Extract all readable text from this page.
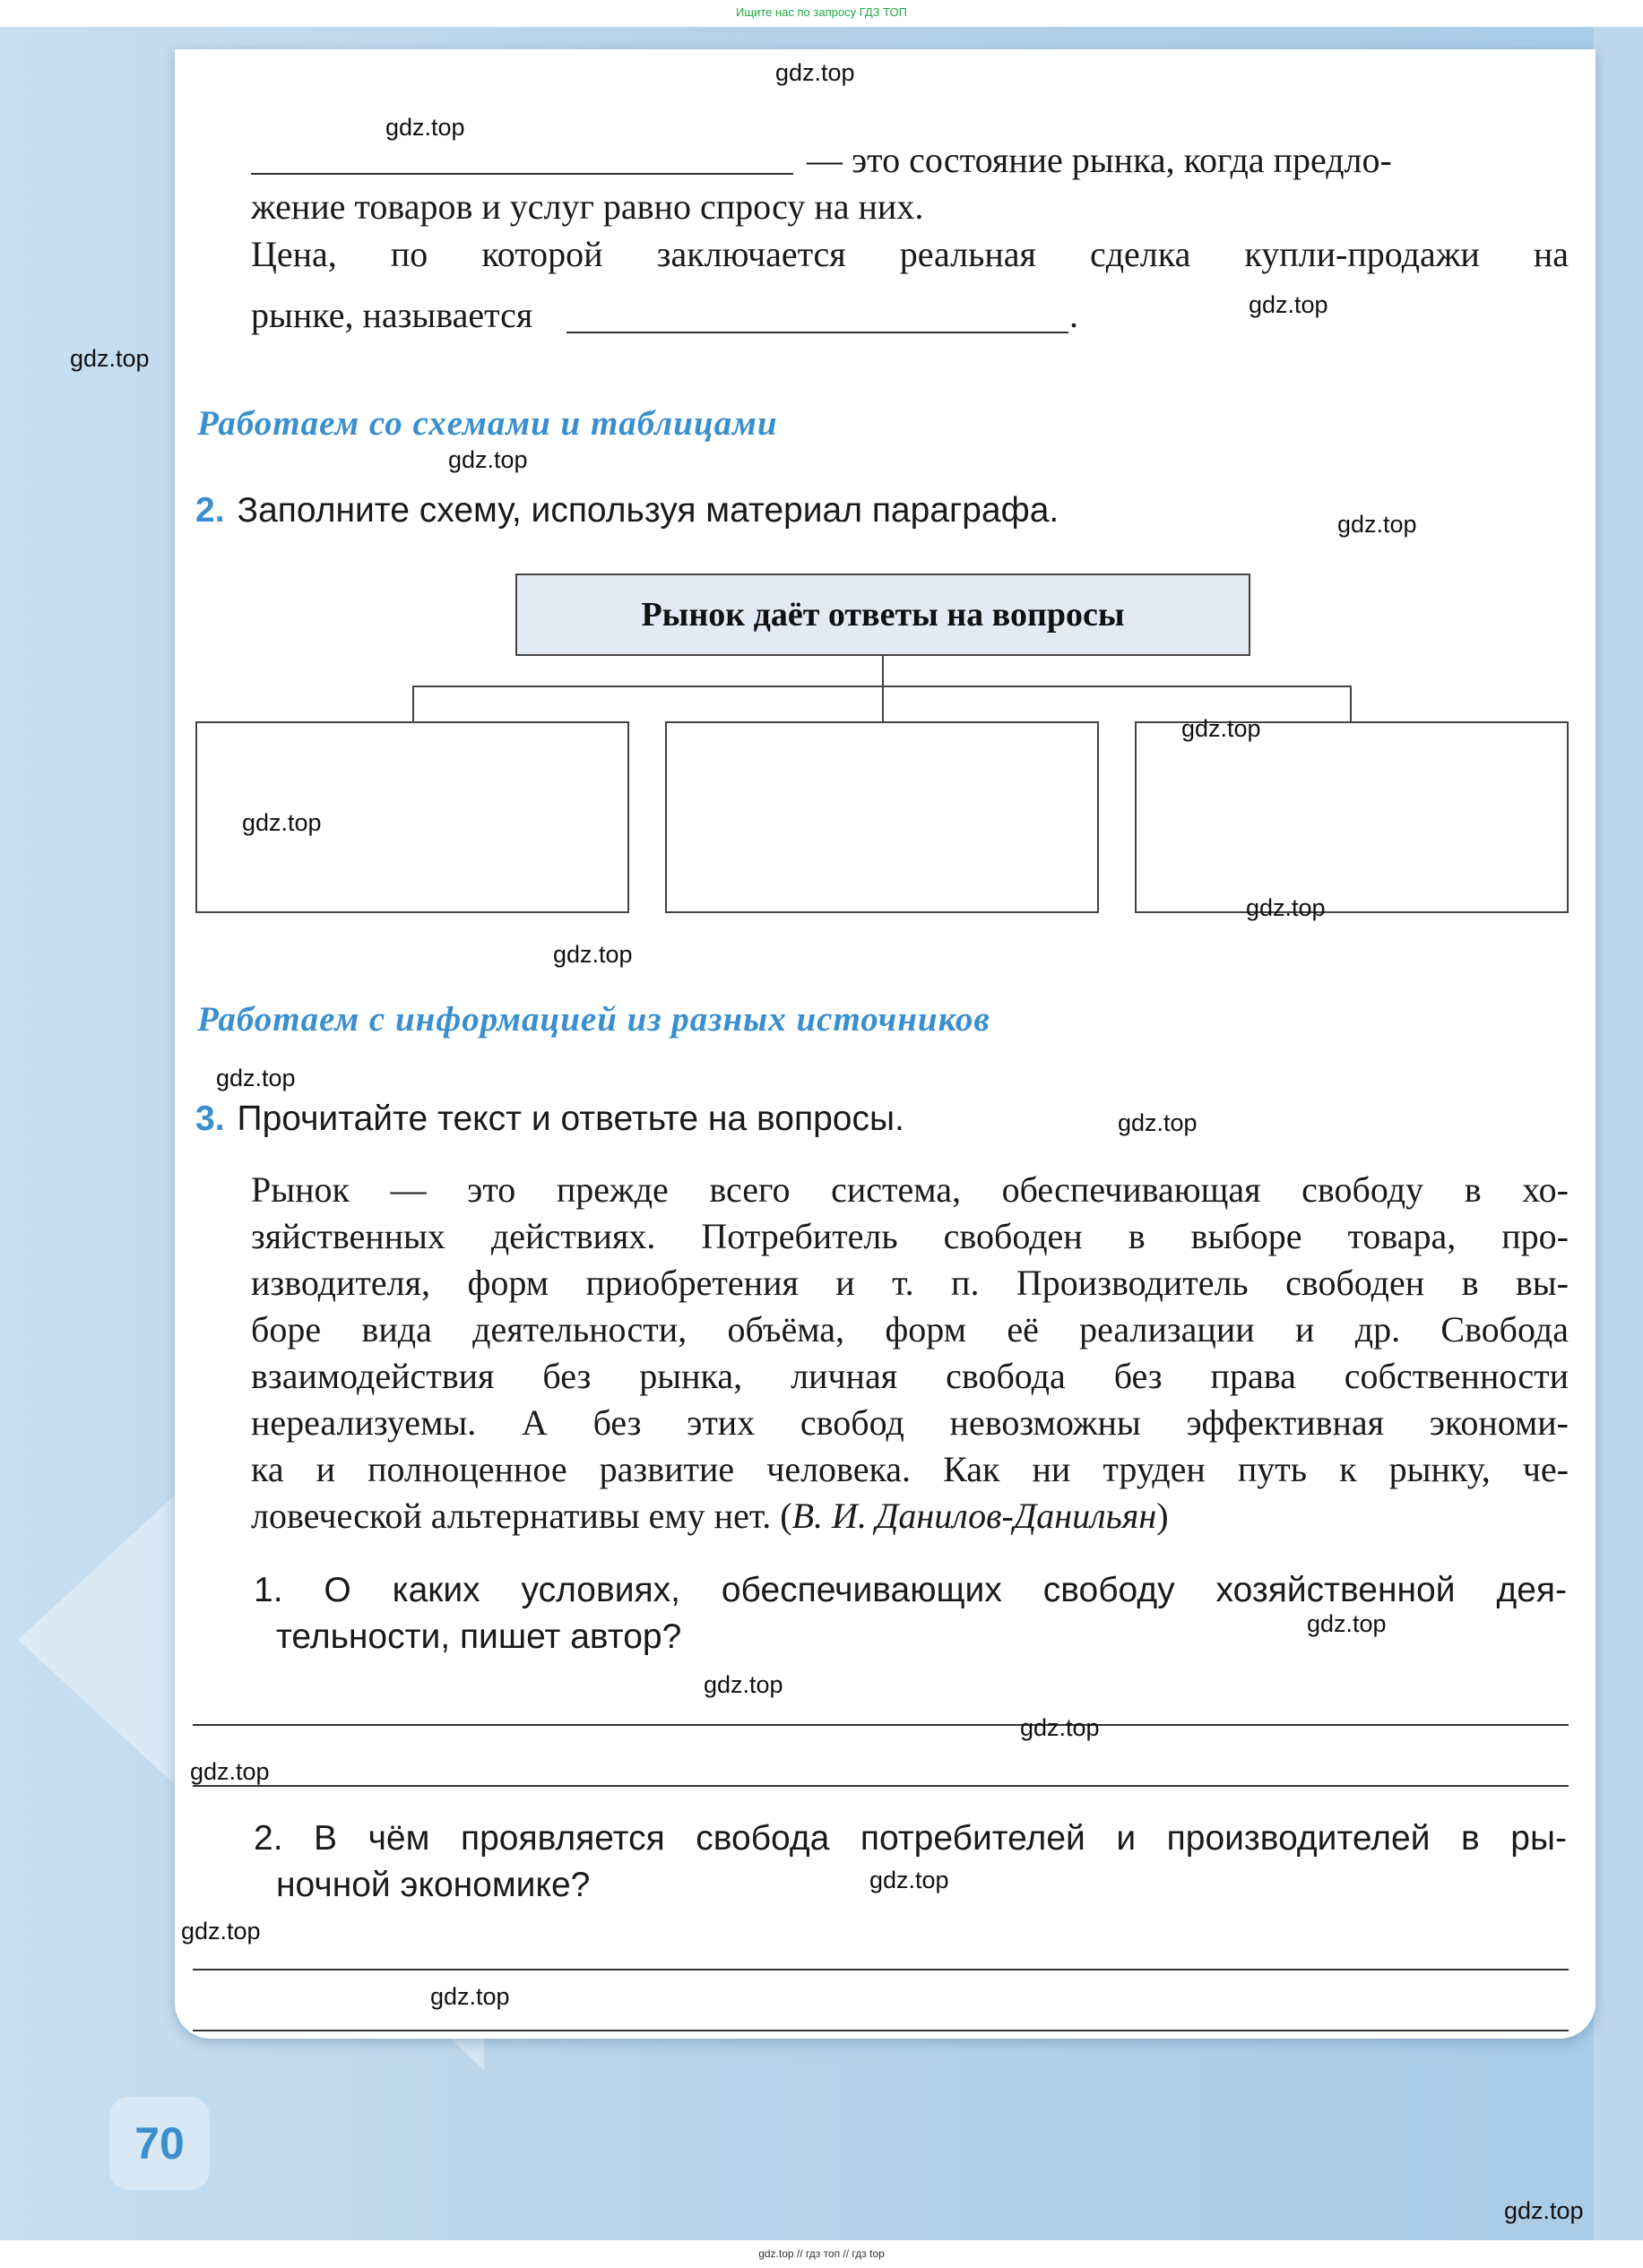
Ищите нас по запросу ГДЗ ТОП
— это состояние рынка, когда предло-
жение товаров и услуг равно спросу на них.
Цена, по которой заключается реальная сделка купли-продажи на
рынке, называется	.
Работаем со схемами и таблицами
2. Заполните схему, используя материал параграфа.
Рынок даёт ответы на вопросы
Работаем с информацией из разных источников
3. Прочитайте текст и ответьте на вопросы.
Рынок — это прежде всего система, обеспечивающая свободу в хо-
зяйственных действиях. Потребитель свободен в выборе товара, про-
изводителя, форм приобретения и т. п. Производитель свободен в вы-
боре вида деятельности, объёма, форм её реализации и др. Свобода
взаимодействия без рынка, личная свобода без права собственности
нереализуемы. А без этих свобод невозможны эффективная экономи-
ка и полноценное развитие человека. Как ни труден путь к рынку, че-
ловеческой альтернативы ему нет. (В. И. Данилов-Данильян)
1. О каких условиях, обеспечивающих свободу хозяйственной дея-
тельности, пишет автор?
2. В чём проявляется свобода потребителей и производителей в ры-
ночной экономике?
70
gdz.top
gdz.top
gdz.top
gdz.top
gdz.top
gdz.top
gdz.top
gdz.top
gdz.top
gdz.top
gdz.top
gdz.top
gdz.top
gdz.top
gdz.top
gdz.top
gdz.top
gdz.top
gdz.top
gdz.top
gdz.top // гдз топ // гдз top
